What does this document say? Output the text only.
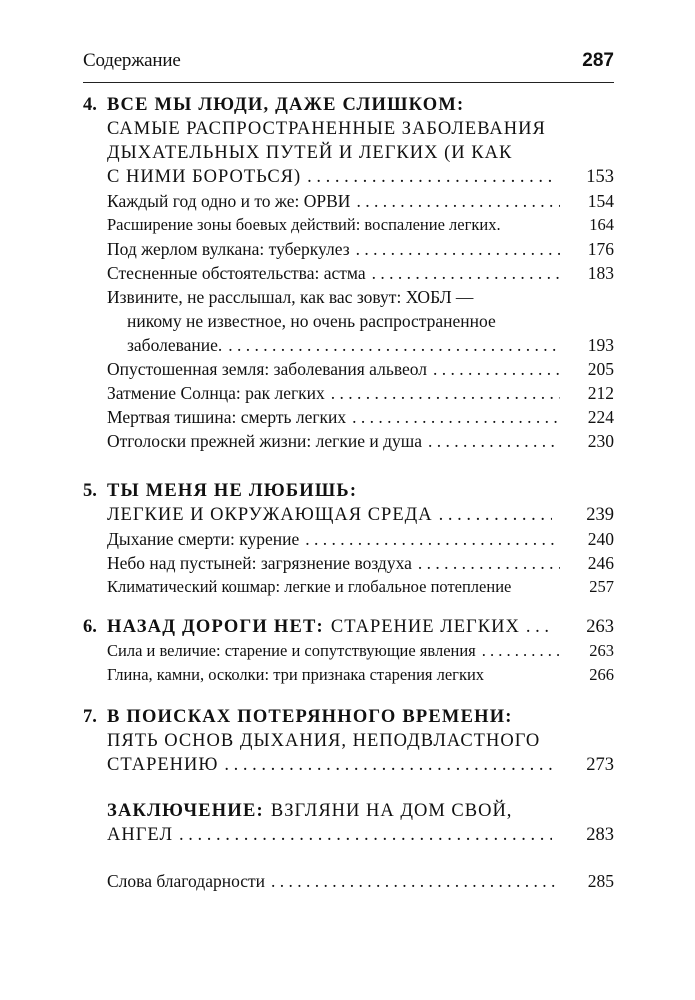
Содержание	287
4. ВСЕ МЫ ЛЮДИ, ДАЖЕ СЛИШКОМ:
САМЫЕ РАСПРОСТРАНЕННЫЕ ЗАБОЛЕВАНИЯ
ДЫХАТЕЛЬНЫХ ПУТЕЙ И ЛЕГКИХ (И КАК
С НИМИ БОРОТЬСЯ) . . .	153
Каждый год одно и то же: ОРВИ . . .	154
Расширение зоны боевых действий: воспаление легких.	164
Под жерлом вулкана: туберкулез . . .	176
Стесненные обстоятельства: астма . . .	183
Извините, не расслышал, как вас зовут: ХОБЛ —
никому не известное, но очень распространенное
заболевание. . . .	193
Опустошенная земля: заболевания альвеол . . .	205
Затмение Солнца: рак легких . . .	212
Мертвая тишина: смерть легких . . .	224
Отголоски прежней жизни: легкие и душа . . .	230
5. ТЫ МЕНЯ НЕ ЛЮБИШЬ:
ЛЕГКИЕ И ОКРУЖАЮЩАЯ СРЕДА . . .	239
Дыхание смерти: курение . . .	240
Небо над пустыней: загрязнение воздуха . . .	246
Климатический кошмар: легкие и глобальное потепление	257
6. НАЗАД ДОРОГИ НЕТ: СТАРЕНИЕ ЛЕГКИХ . . .	263
Сила и величие: старение и сопутствующие явления . . .	263
Глина, камни, осколки: три признака старения легких	266
7. В ПОИСКАХ ПОТЕРЯННОГО ВРЕМЕНИ:
ПЯТЬ ОСНОВ ДЫХАНИЯ, НЕПОДВЛАСТНОГО
СТАРЕНИЮ . . .	273
ЗАКЛЮЧЕНИЕ: ВЗГЛЯНИ НА ДОМ СВОЙ,
АНГЕЛ . . .	283
Слова благодарности . . .	285
